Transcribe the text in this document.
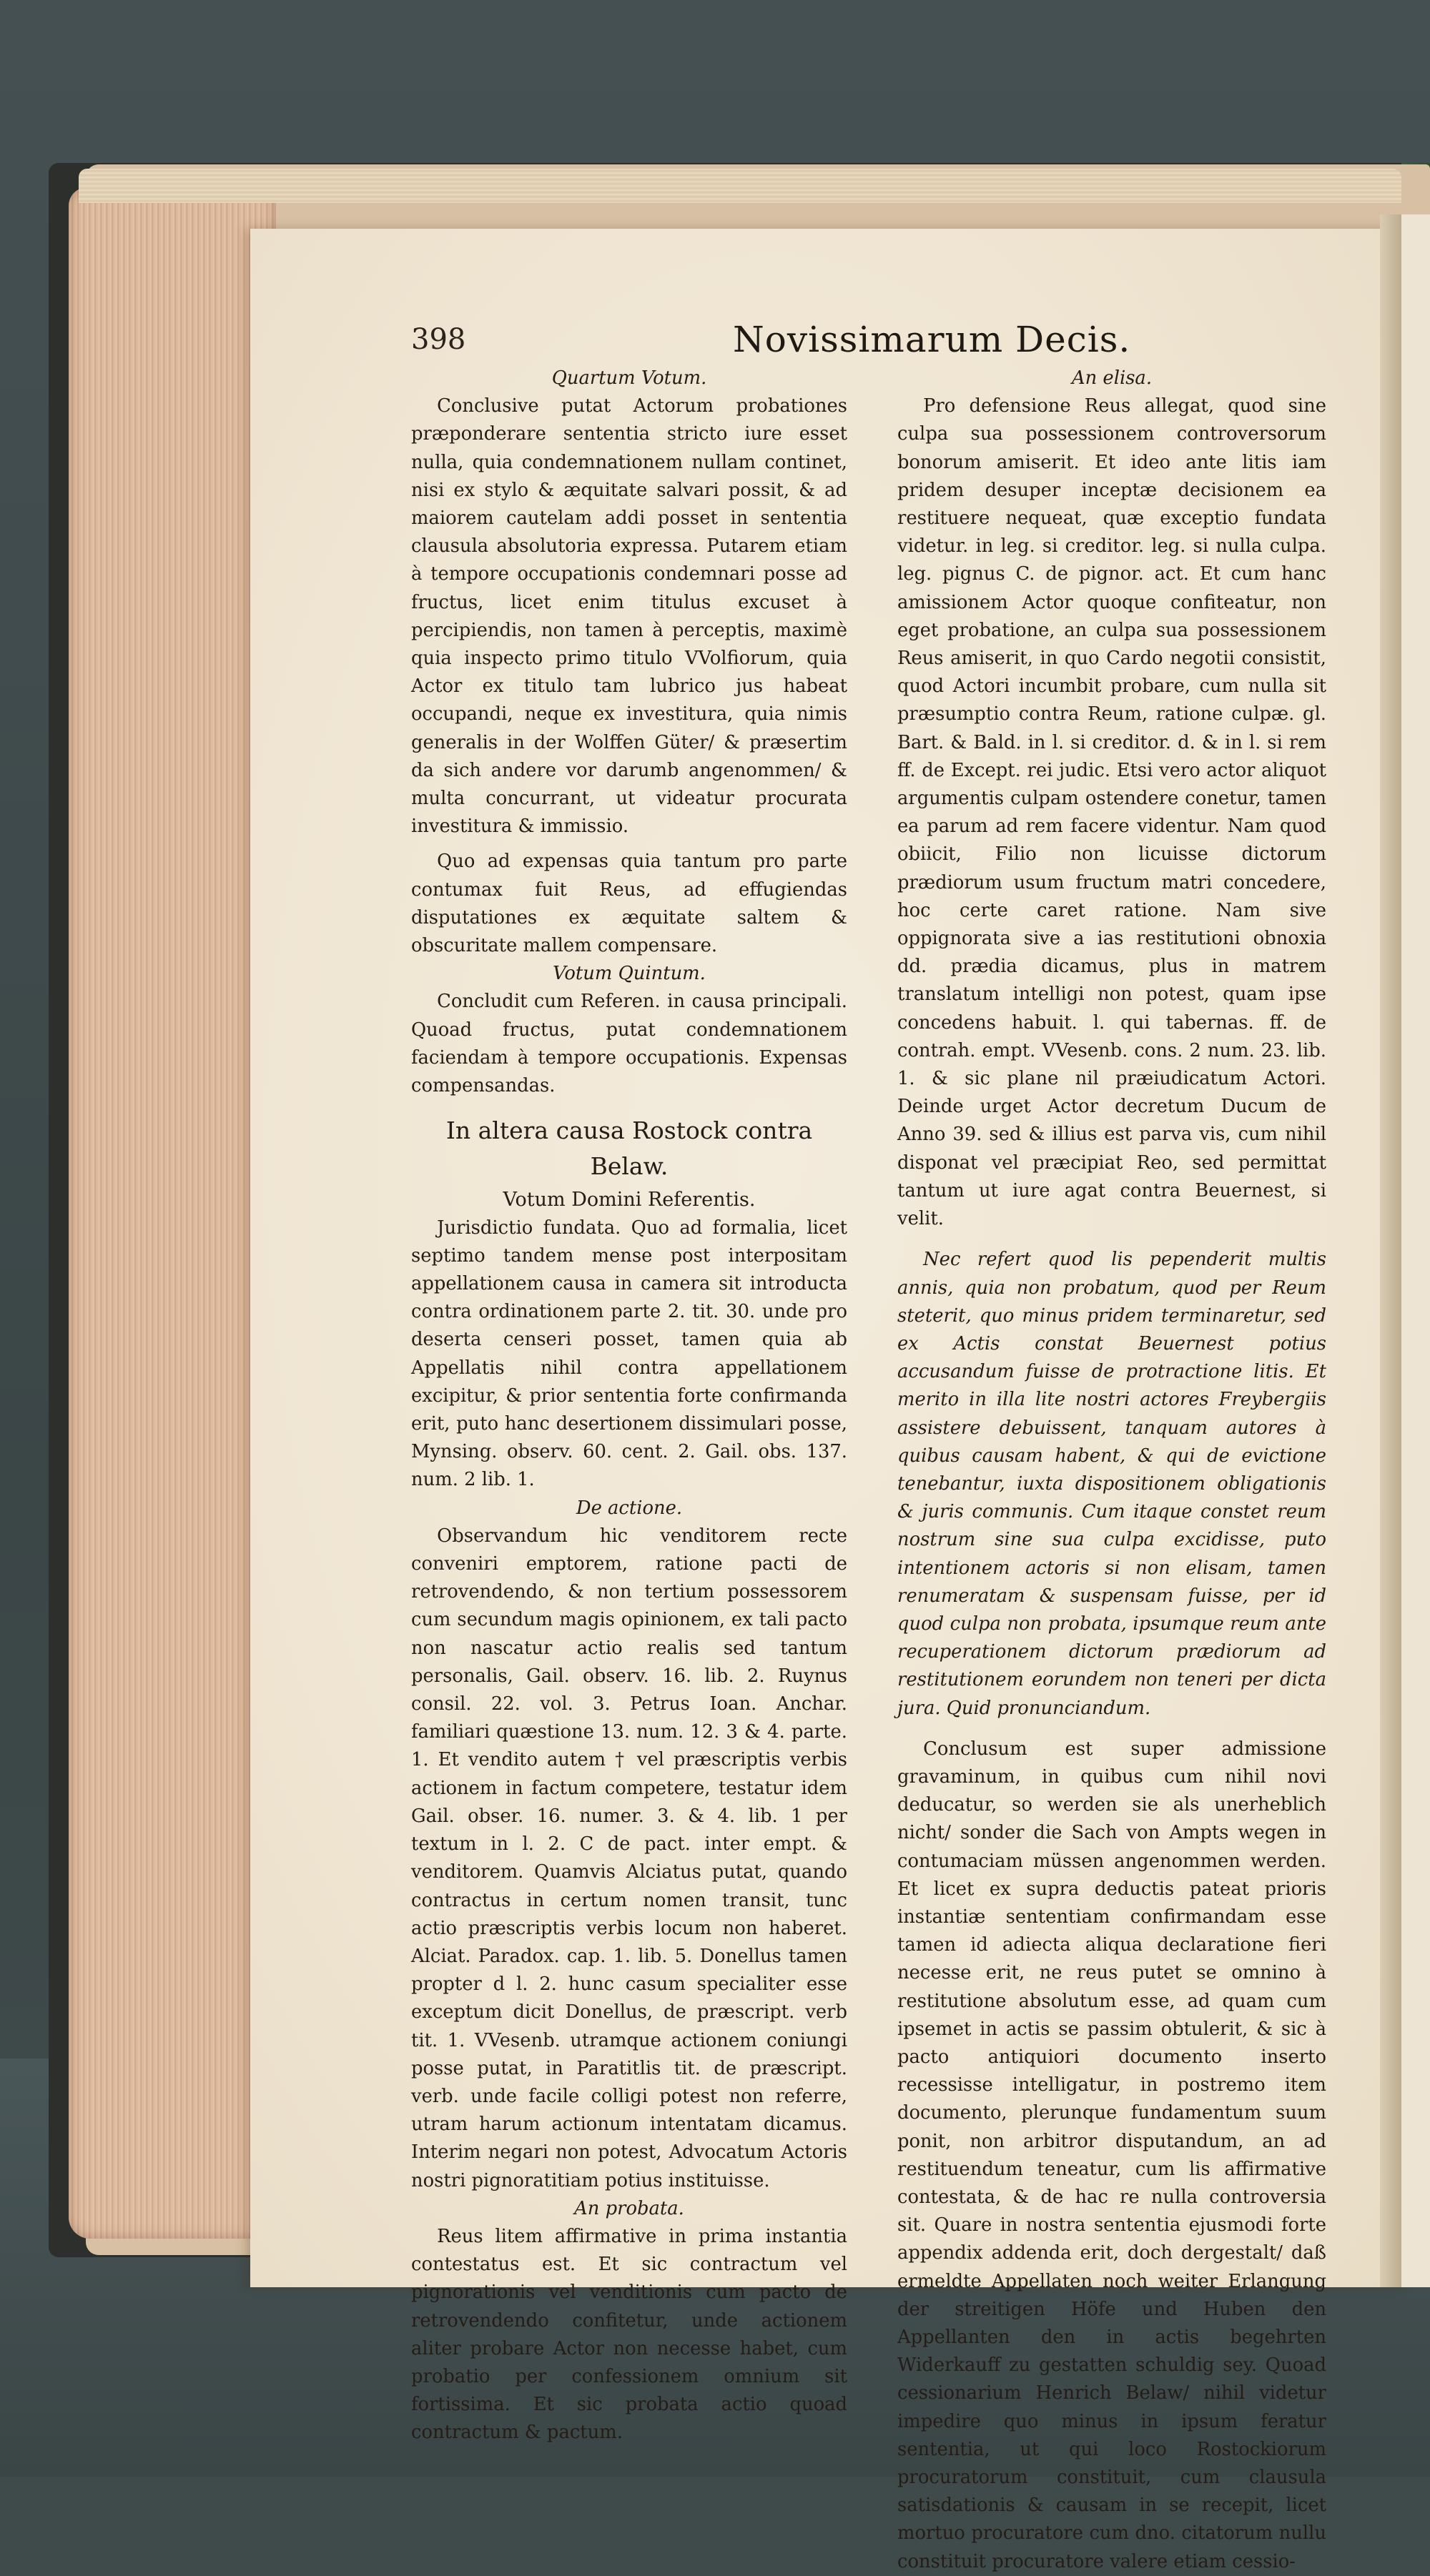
398	Novissimarum Decis.

Quartum Votum.

Conclusive putat Actorum probationes præponderare sententia stricto iure esset nulla, quia condemnationem nullam continet, nisi ex stylo & æquitate salvari possit, & ad maiorem cautelam addi posset in sententia clausula absolutoria expressa. Putarem etiam à tempore occupationis condemnari posse ad fructus, licet enim titulus excuset à percipiendis, non tamen à perceptis, maximè quia inspecto primo titulo VVolfiorum, quia Actor ex titulo tam lubrico jus habeat occupandi, neque ex investitura, quia nimis generalis in der Wolffen Güter/ & præsertim da sich andere vor darumb angenommen/ & multa concurrant, ut videatur procurata investitura & immissio.

Quo ad expensas quia tantum pro parte contumax fuit Reus, ad effugiendas disputationes ex æquitate saltem & obscuritate mallem compensare.

Votum Quintum.

Concludit cum Referen. in causa principali. Quoad fructus, putat condemnationem faciendam à tempore occupationis. Expensas compensandas.

In altera causa Rostock contra Belaw.

Votum Domini Referentis.

Jurisdictio fundata. Quo ad formalia, licet septimo tandem mense post interpositam appellationem causa in camera sit introducta contra ordinationem parte 2. tit. 30. unde pro deserta censeri posset, tamen quia ab Appellatis nihil contra appellationem excipitur, & prior sententia forte confirmanda erit, puto hanc desertionem dissimulari posse, Mynsing. observ. 60. cent. 2. Gail. obs. 137. num. 2 lib. 1.

De actione.

Observandum hic venditorem recte conveniri emptorem, ratione pacti de retrovendendo, & non tertium possessorem cum secundum magis opinionem, ex tali pacto non nascatur actio realis sed tantum personalis, Gail. observ. 16. lib. 2. Ruynus consil. 22. vol. 3. Petrus Ioan. Anchar. familiari quæstione 13. num. 12. 3 & 4. parte. 1. Et vendito autem † vel præscriptis verbis actionem in factum competere, testatur idem Gail. obser. 16. numer. 3. & 4. lib. 1 per textum in l. 2. C de pact. inter empt. & venditorem. Quamvis Alciatus putat, quando contractus in certum nomen transit, tunc actio præscriptis verbis locum non haberet. Alciat. Paradox. cap. 1. lib. 5. Donellus tamen propter d l. 2. hunc casum specialiter esse exceptum dicit Donellus, de præscript. verb tit. 1. VVesenb. utramque actionem coniungi posse putat, in Paratitlis tit. de præscript. verb. unde facile colligi potest non referre, utram harum actionum intentatam dicamus. Interim negari non potest, Advocatum Actoris nostri pignoratitiam potius instituisse.

An probata.

Reus litem affirmative in prima instantia contestatus est. Et sic contractum vel pignorationis vel venditionis cum pacto de retrovendendo confitetur, unde actionem aliter probare Actor non necesse habet, cum probatio per confessionem omnium sit fortissima. Et sic probata actio quoad contractum & pactum.

An elisa.

Pro defensione Reus allegat, quod sine culpa sua possessionem controversorum bonorum amiserit. Et ideo ante litis iam pridem desuper inceptæ decisionem ea restituere nequeat, quæ exceptio fundata videtur. in leg. si creditor. leg. si nulla culpa. leg. pignus C. de pignor. act. Et cum hanc amissionem Actor quoque confiteatur, non eget probatione, an culpa sua possessionem Reus amiserit, in quo Cardo negotii consistit, quod Actori incumbit probare, cum nulla sit præsumptio contra Reum, ratione culpæ. gl. Bart. & Bald. in l. si creditor. d. & in l. si rem ff. de Except. rei judic. Etsi vero actor aliquot argumentis culpam ostendere conetur, tamen ea parum ad rem facere videntur. Nam quod obiicit, Filio non licuisse dictorum prædiorum usum fructum matri concedere, hoc certe caret ratione. Nam sive oppignorata sive a ias restitutioni obnoxia dd. prædia dicamus, plus in matrem translatum intelligi non potest, quam ipse concedens habuit. l. qui tabernas. ff. de contrah. empt. VVesenb. cons. 2 num. 23. lib. 1. & sic plane nil præiudicatum Actori. Deinde urget Actor decretum Ducum de Anno 39. sed & illius est parva vis, cum nihil disponat vel præcipiat Reo, sed permittat tantum ut iure agat contra Beuernest, si velit.

Nec refert quod lis pependerit multis annis, quia non probatum, quod per Reum steterit, quo minus pridem terminaretur, sed ex Actis constat Beuernest potius accusandum fuisse de protractione litis. Et merito in illa lite nostri actores Freybergiis assistere debuissent, tanquam autores à quibus causam habent, & qui de evictione tenebantur, iuxta dispositionem obligationis & juris communis. Cum itaque constet reum nostrum sine sua culpa excidisse, puto intentionem actoris si non elisam, tamen renumeratam & suspensam fuisse, per id quod culpa non probata, ipsumque reum ante recuperationem dictorum prædiorum ad restitutionem eorundem non teneri per dicta jura. Quid pronunciandum.

Conclusum est super admissione gravaminum, in quibus cum nihil novi deducatur, so werden sie als unerheblich nicht/ sonder die Sach von Ampts wegen in contumaciam müssen angenommen werden. Et licet ex supra deductis pateat prioris instantiæ sententiam confirmandam esse tamen id adiecta aliqua declaratione fieri necesse erit, ne reus putet se omnino à restitutione absolutum esse, ad quam cum ipsemet in actis se passim obtulerit, & sic à pacto antiquiori documento inserto recessisse intelligatur, in postremo item documento, plerunque fundamentum suum ponit, non arbitror disputandum, an ad restituendum teneatur, cum lis affirmative contestata, & de hac re nulla controversia sit. Quare in nostra sententia ejusmodi forte appendix addenda erit, doch dergestalt/ daß ermeldte Appellaten noch weiter Erlangung der streitigen Höfe und Huben den Appellanten den in actis begehrten Widerkauff zu gestatten schuldig sey. Quoad cessionarium Henrich Belaw/ nihil videtur impedire quo minus in ipsum feratur sententia, ut qui loco Rostockiorum procuratorum constituit, cum clausula satisdationis & causam in se recepit, licet mortuo procuratore cum dno. citatorum nullu constituit procuratore valere etiam cessio-
